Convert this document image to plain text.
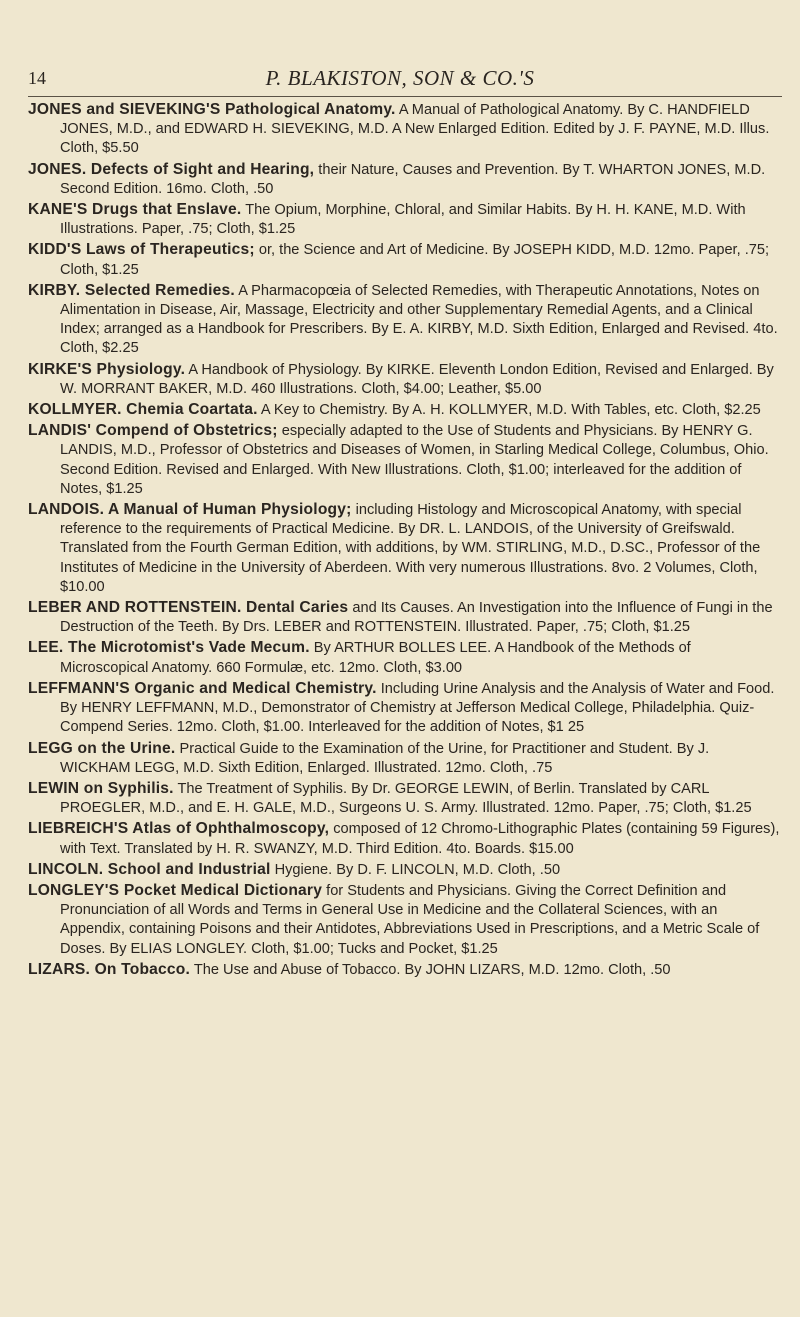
14	P. BLAKISTON, SON & CO.'S
JONES and SIEVEKING'S Pathological Anatomy. A Manual of Pathological Anatomy. By C. HANDFIELD JONES, M.D., and EDWARD H. SIEVEKING, M.D. A New Enlarged Edition. Edited by J. F. PAYNE, M.D. Illus. Cloth, $5.50
JONES. Defects of Sight and Hearing, their Nature, Causes and Prevention. By T. WHARTON JONES, M.D. Second Edition. 16mo. Cloth, .50
KANE'S Drugs that Enslave. The Opium, Morphine, Chloral, and Similar Habits. By H. H. KANE, M.D. With Illustrations. Paper, .75; Cloth, $1.25
KIDD'S Laws of Therapeutics; or, the Science and Art of Medicine. By JOSEPH KIDD, M.D. 12mo. Paper, .75; Cloth, $1.25
KIRBY. Selected Remedies. A Pharmacopœia of Selected Remedies, with Therapeutic Annotations, Notes on Alimentation in Disease, Air, Massage, Electricity and other Supplementary Remedial Agents, and a Clinical Index; arranged as a Handbook for Prescribers. By E. A. KIRBY, M.D. Sixth Edition, Enlarged and Revised. 4to. Cloth, $2.25
KIRKE'S Physiology. A Handbook of Physiology. By KIRKE. Eleventh London Edition, Revised and Enlarged. By W. MORRANT BAKER, M.D. 460 Illustrations. Cloth, $4.00; Leather, $5.00
KOLLMYER. Chemia Coartata. A Key to Chemistry. By A. H. KOLLMYER, M.D. With Tables, etc. Cloth, $2.25
LANDIS' Compend of Obstetrics; especially adapted to the Use of Students and Physicians. By HENRY G. LANDIS, M.D., Professor of Obstetrics and Diseases of Women, in Starling Medical College, Columbus, Ohio. Second Edition. Revised and Enlarged. With New Illustrations. Cloth, $1.00; interleaved for the addition of Notes, $1.25
LANDOIS. A Manual of Human Physiology; including Histology and Microscopical Anatomy, with special reference to the requirements of Practical Medicine. By DR. L. LANDOIS, of the University of Greifswald. Translated from the Fourth German Edition, with additions, by WM. STIRLING, M.D., D.SC., Professor of the Institutes of Medicine in the University of Aberdeen. With very numerous Illustrations. 8vo. 2 Volumes, Cloth, $10.00
LEBER AND ROTTENSTEIN. Dental Caries and Its Causes. An Investigation into the Influence of Fungi in the Destruction of the Teeth. By Drs. LEBER and ROTTENSTEIN. Illustrated. Paper, .75; Cloth, $1.25
LEE. The Microtomist's Vade Mecum. By ARTHUR BOLLES LEE. A Handbook of the Methods of Microscopical Anatomy. 660 Formulæ, etc. 12mo. Cloth, $3.00
LEFFMANN'S Organic and Medical Chemistry. Including Urine Analysis and the Analysis of Water and Food. By HENRY LEFFMANN, M.D., Demonstrator of Chemistry at Jefferson Medical College, Philadelphia. Quiz-Compend Series. 12mo. Cloth, $1.00. Interleaved for the addition of Notes, $1 25
LEGG on the Urine. Practical Guide to the Examination of the Urine, for Practitioner and Student. By J. WICKHAM LEGG, M.D. Sixth Edition, Enlarged. Illustrated. 12mo. Cloth, .75
LEWIN on Syphilis. The Treatment of Syphilis. By Dr. GEORGE LEWIN, of Berlin. Translated by CARL PROEGLER, M.D., and E. H. GALE, M.D., Surgeons U. S. Army. Illustrated. 12mo. Paper, .75; Cloth, $1.25
LIEBREICH'S Atlas of Ophthalmoscopy, composed of 12 Chromo-Lithographic Plates (containing 59 Figures), with Text. Translated by H. R. SWANZY, M.D. Third Edition. 4to. Boards. $15.00
LINCOLN. School and Industrial Hygiene. By D. F. LINCOLN, M.D. Cloth, .50
LONGLEY'S Pocket Medical Dictionary for Students and Physicians. Giving the Correct Definition and Pronunciation of all Words and Terms in General Use in Medicine and the Collateral Sciences, with an Appendix, containing Poisons and their Antidotes, Abbreviations Used in Prescriptions, and a Metric Scale of Doses. By ELIAS LONGLEY. Cloth, $1.00; Tucks and Pocket, $1.25
LIZARS. On Tobacco. The Use and Abuse of Tobacco. By JOHN LIZARS, M.D. 12mo. Cloth, .50
